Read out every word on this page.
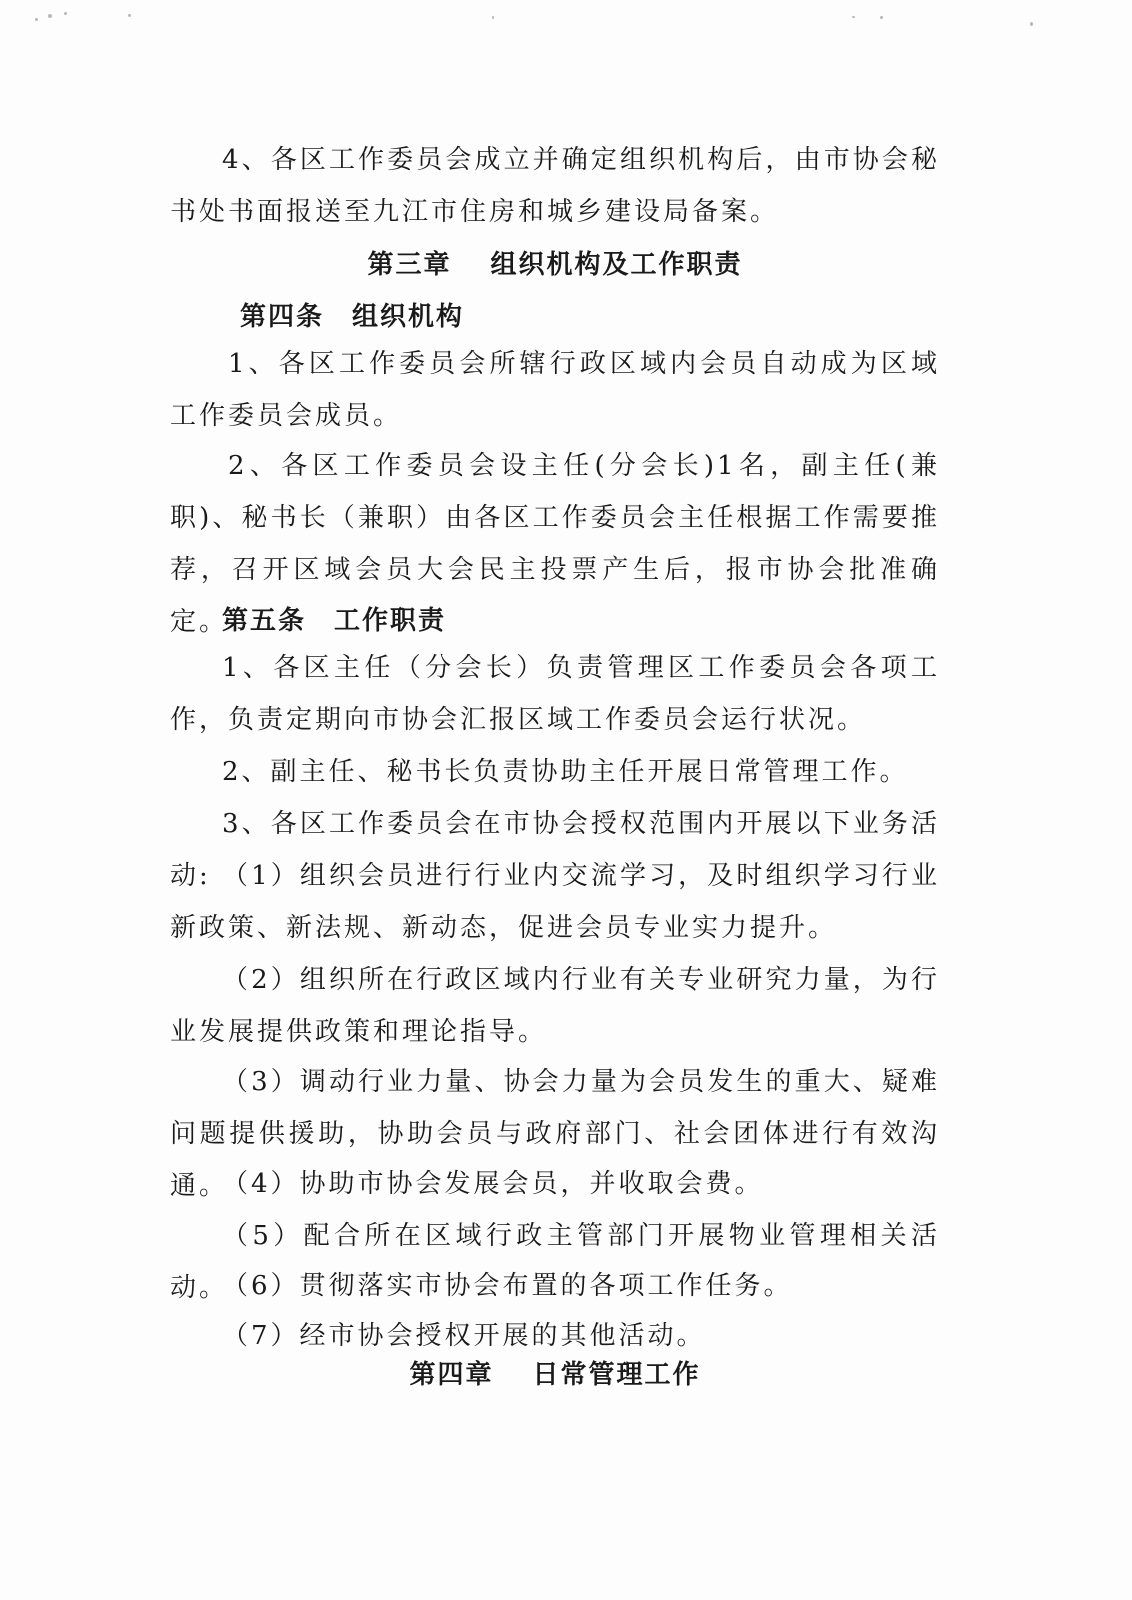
4、各区工作委员会成立并确定组织机构后，由市协会秘书处书面报送至九江市住房和城乡建设局备案。

第三章　 组织机构及工作职责

第四条　组织机构

1、各区工作委员会所辖行政区域内会员自动成为区域工作委员会成员。

2、各区工作委员会设主任(分会长)1名，副主任(兼职)、秘书长（兼职）由各区工作委员会主任根据工作需要推荐，召开区域会员大会民主投票产生后，报市协会批准确定。

第五条　工作职责

1、各区主任（分会长）负责管理区工作委员会各项工作，负责定期向市协会汇报区域工作委员会运行状况。

2、副主任、秘书长负责协助主任开展日常管理工作。

3、各区工作委员会在市协会授权范围内开展以下业务活动: （1）组织会员进行行业内交流学习，及时组织学习行业新政策、新法规、新动态，促进会员专业实力提升。

（2）组织所在行政区域内行业有关专业研究力量，为行业发展提供政策和理论指导。

（3）调动行业力量、协会力量为会员发生的重大、疑难问题提供援助，协助会员与政府部门、社会团体进行有效沟通。

（4）协助市协会发展会员，并收取会费。

（5）配合所在区域行政主管部门开展物业管理相关活动。

（6）贯彻落实市协会布置的各项工作任务。

（7）经市协会授权开展的其他活动。

第四章　 日常管理工作
